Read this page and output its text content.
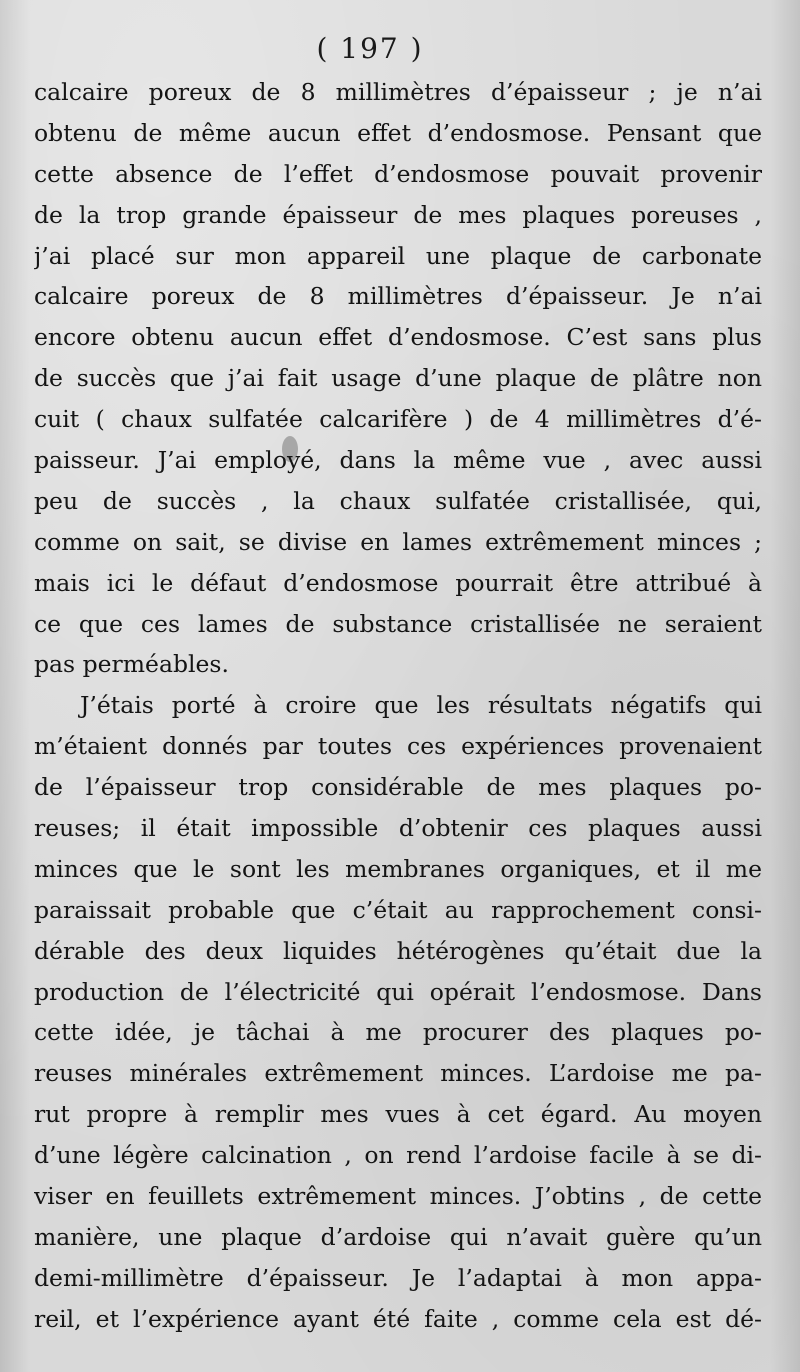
( 197 )
calcaire poreux de 8 millimètres d’épaisseur ; je n’ai
obtenu de même aucun effet d’endosmose. Pensant que
cette absence de l’effet d’endosmose pouvait provenir
de la trop grande épaisseur de mes plaques poreuses ,
j’ai placé sur mon appareil une plaque de carbonate
calcaire poreux de 8 millimètres d’épaisseur. Je n’ai
encore obtenu aucun effet d’endosmose. C’est sans plus
de succès que j’ai fait usage d’une plaque de plâtre non
cuit ( chaux sulfatée calcarifère ) de 4 millimètres d’é-
paisseur. J’ai employé, dans la même vue , avec aussi
peu de succès , la chaux sulfatée cristallisée, qui,
comme on sait, se divise en lames extrêmement minces ;
mais ici le défaut d’endosmose pourrait être attribué à
ce que ces lames de substance cristallisée ne seraient
pas perméables.
J’étais porté à croire que les résultats négatifs qui
m’étaient donnés par toutes ces expériences provenaient
de l’épaisseur trop considérable de mes plaques po-
reuses; il était impossible d’obtenir ces plaques aussi
minces que le sont les membranes organiques, et il me
paraissait probable que c’était au rapprochement consi-
dérable des deux liquides hétérogènes qu’était due la
production de l’électricité qui opérait l’endosmose. Dans
cette idée, je tâchai à me procurer des plaques po-
reuses minérales extrêmement minces. L’ardoise me pa-
rut propre à remplir mes vues à cet égard. Au moyen
d’une légère calcination , on rend l’ardoise facile à se di-
viser en feuillets extrêmement minces. J’obtins , de cette
manière, une plaque d’ardoise qui n’avait guère qu’un
demi-millimètre d’épaisseur. Je l’adaptai à mon appa-
reil, et l’expérience ayant été faite , comme cela est dé-
